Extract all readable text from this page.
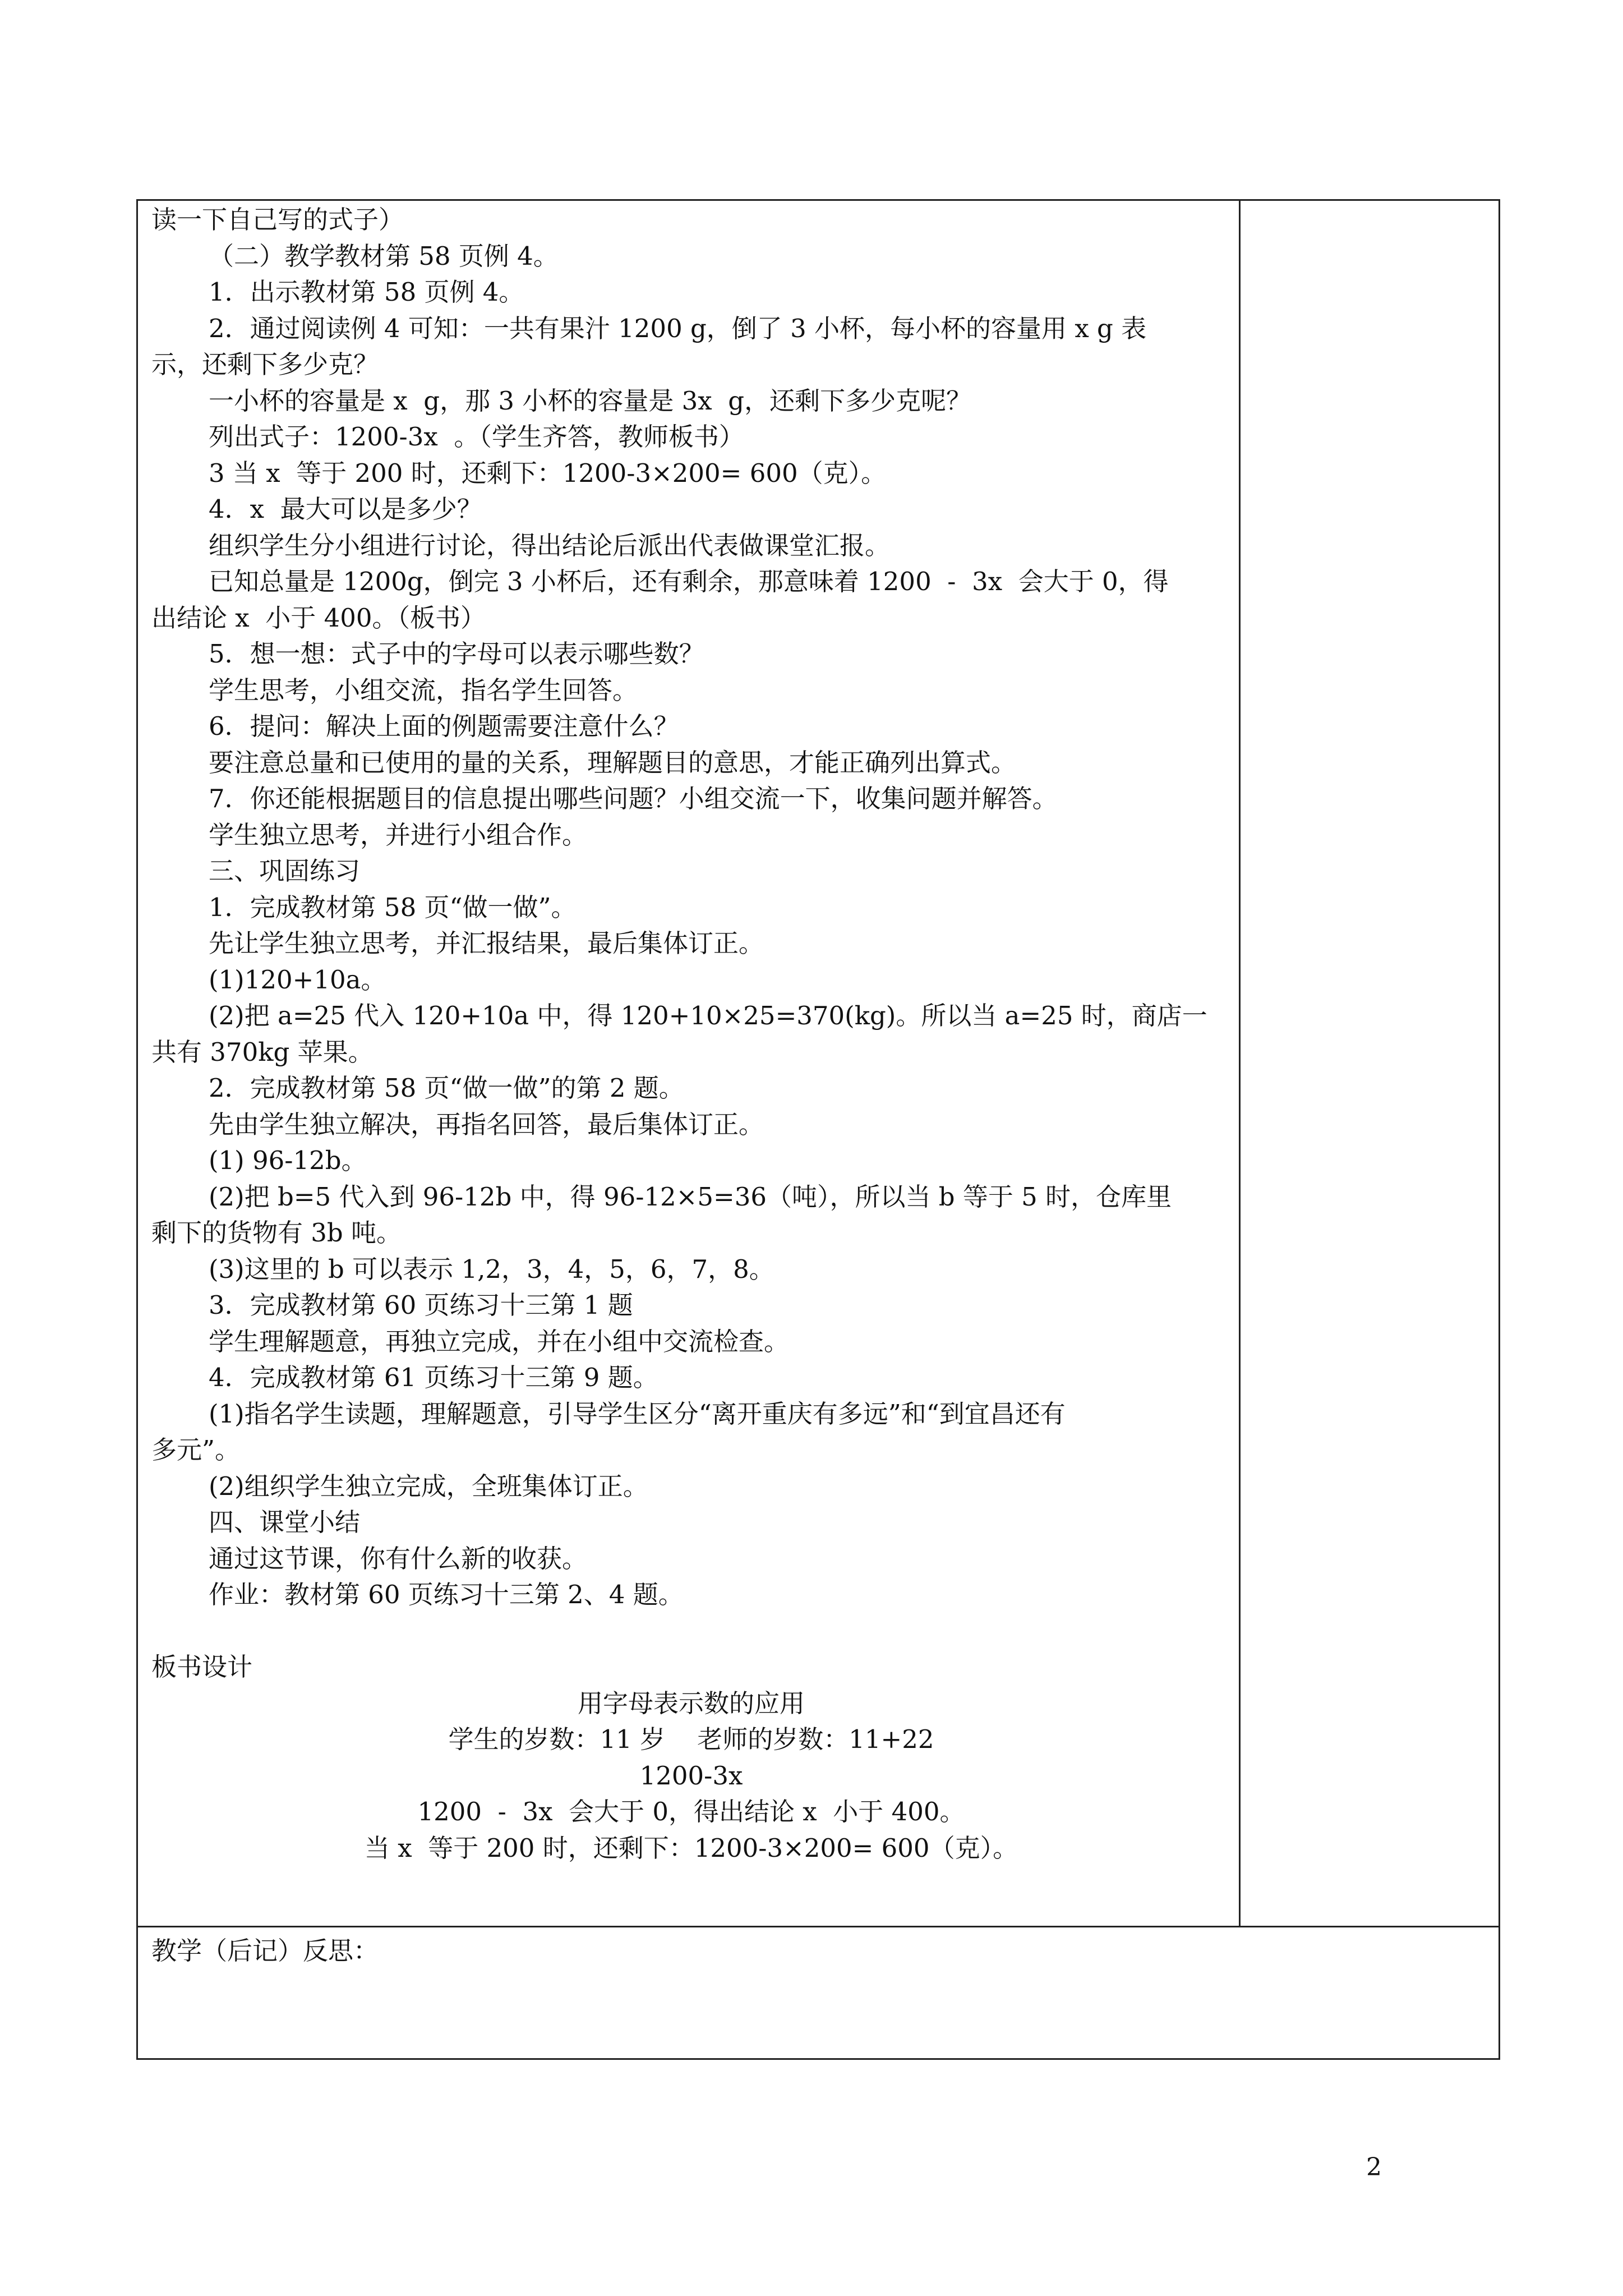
读一下自己写的式子）
（二）教学教材第 58 页例 4。
1．出示教材第 58 页例 4。
2．通过阅读例 4 可知：一共有果汁 1200 g，倒了 3 小杯，每小杯的容量用 x g 表
示，还剩下多少克？
一小杯的容量是 x  g，那 3 小杯的容量是 3x  g，还剩下多少克呢？
列出式子：1200-3x  。（学生齐答，教师板书）
3 当 x  等于 200 时，还剩下：1200-3×200= 600（克）。
4．x  最大可以是多少？
组织学生分小组进行讨论，得出结论后派出代表做课堂汇报。
已知总量是 1200g，倒完 3 小杯后，还有剩余，那意味着 1200  -  3x  会大于 0，得
出结论 x  小于 400。（板书）
5．想一想：式子中的字母可以表示哪些数？
学生思考，小组交流，指名学生回答。
6．提问：解决上面的例题需要注意什么？
要注意总量和已使用的量的关系，理解题目的意思，才能正确列出算式。
7．你还能根据题目的信息提出哪些问题？小组交流一下，收集问题并解答。
学生独立思考，并进行小组合作。
三、巩固练习
1．完成教材第 58 页“做一做”。
先让学生独立思考，并汇报结果，最后集体订正。
(1)120+10a。
(2)把 a=25 代入 120+10a 中，得 120+10×25=370(kg)。所以当 a=25 时，商店一
共有 370kg 苹果。
2．完成教材第 58 页“做一做”的第 2 题。
先由学生独立解决，再指名回答，最后集体订正。
(1) 96-12b。
(2)把 b=5 代入到 96-12b 中，得 96-12×5=36（吨），所以当 b 等于 5 时，仓库里
剩下的货物有 3b 吨。
(3)这里的 b 可以表示 1,2，3，4，5，6，7，8。
3．完成教材第 60 页练习十三第 1 题
学生理解题意，再独立完成，并在小组中交流检查。
4．完成教材第 61 页练习十三第 9 题。
(1)指名学生读题，理解题意，引导学生区分“离开重庆有多远”和“到宜昌还有
多元”。
(2)组织学生独立完成，全班集体订正。
四、课堂小结
通过这节课，你有什么新的收获。
作业：教材第 60 页练习十三第 2、4 题。
板书设计
用字母表示数的应用
学生的岁数：11 岁    老师的岁数：11+22
1200-3x
1200  -  3x  会大于 0，得出结论 x  小于 400。
当 x  等于 200 时，还剩下：1200-3×200= 600（克）。
教学（后记）反思：
2
